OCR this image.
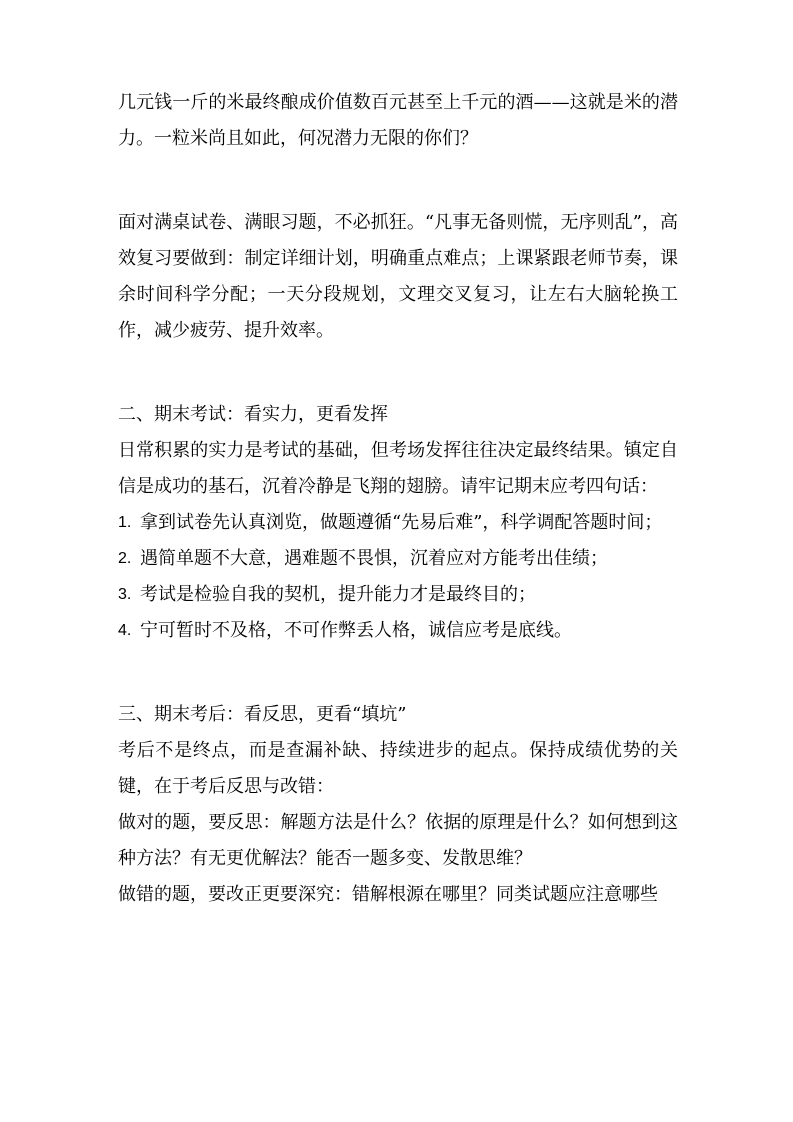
几元钱一斤的米最终酿成价值数百元甚至上千元的酒——这就是米的潜力。一粒米尚且如此，何况潜力无限的你们？

面对满桌试卷、满眼习题，不必抓狂。“凡事无备则慌，无序则乱”，高效复习要做到：制定详细计划，明确重点难点；上课紧跟老师节奏，课余时间科学分配；一天分段规划，文理交叉复习，让左右大脑轮换工作，减少疲劳、提升效率。

二、期末考试：看实力，更看发挥

日常积累的实力是考试的基础，但考场发挥往往决定最终结果。镇定自信是成功的基石，沉着冷静是飞翔的翅膀。请牢记期末应考四句话：

1. 拿到试卷先认真浏览，做题遵循“先易后难”，科学调配答题时间；
2. 遇简单题不大意，遇难题不畏惧，沉着应对方能考出佳绩；
3. 考试是检验自我的契机，提升能力才是最终目的；
4. 宁可暂时不及格，不可作弊丢人格，诚信应考是底线。

三、期末考后：看反思，更看“填坑”

考后不是终点，而是查漏补缺、持续进步的起点。保持成绩优势的关键，在于考后反思与改错：

做对的题，要反思：解题方法是什么？依据的原理是什么？如何想到这种方法？有无更优解法？能否一题多变、发散思维？

做错的题，要改正更要深究：错解根源在哪里？同类试题应注意哪些
